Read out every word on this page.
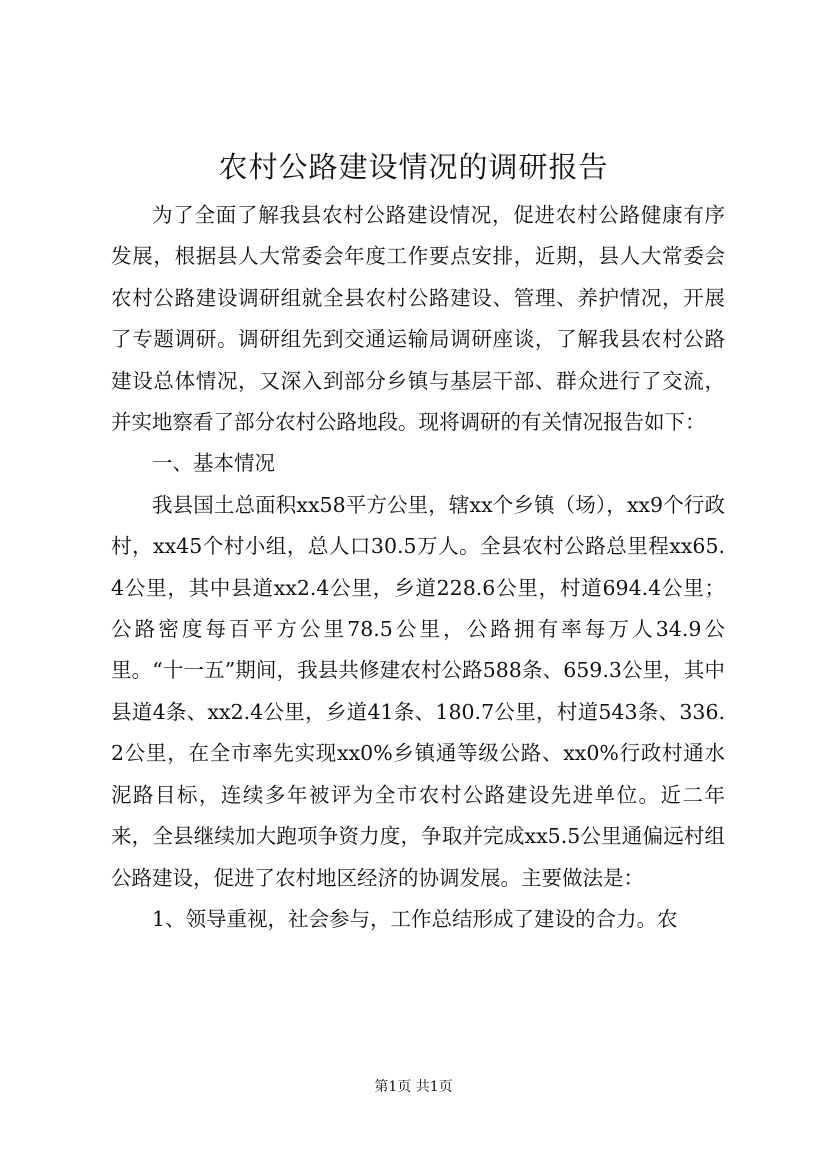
农村公路建设情况的调研报告

为了全面了解我县农村公路建设情况，促进农村公路健康有序发展，根据县人大常委会年度工作要点安排，近期，县人大常委会农村公路建设调研组就全县农村公路建设、管理、养护情况，开展了专题调研。调研组先到交通运输局调研座谈，了解我县农村公路建设总体情况，又深入到部分乡镇与基层干部、群众进行了交流，并实地察看了部分农村公路地段。现将调研的有关情况报告如下：

一、基本情况

我县国土总面积xx58平方公里，辖xx个乡镇（场），xx9个行政村，xx45个村小组，总人口30.5万人。全县农村公路总里程xx65.4公里，其中县道xx2.4公里，乡道228.6公里，村道694.4公里；公路密度每百平方公里78.5公里，公路拥有率每万人34.9公里。“十一五”期间，我县共修建农村公路588条、659.3公里，其中县道4条、xx2.4公里，乡道41条、180.7公里，村道543条、336.2公里，在全市率先实现xx0%乡镇通等级公路、xx0%行政村通水泥路目标，连续多年被评为全市农村公路建设先进单位。近二年来，全县继续加大跑项争资力度，争取并完成xx5.5公里通偏远村组公路建设，促进了农村地区经济的协调发展。主要做法是：

1、领导重视，社会参与，工作总结形成了建设的合力。农

第1页 共1页
